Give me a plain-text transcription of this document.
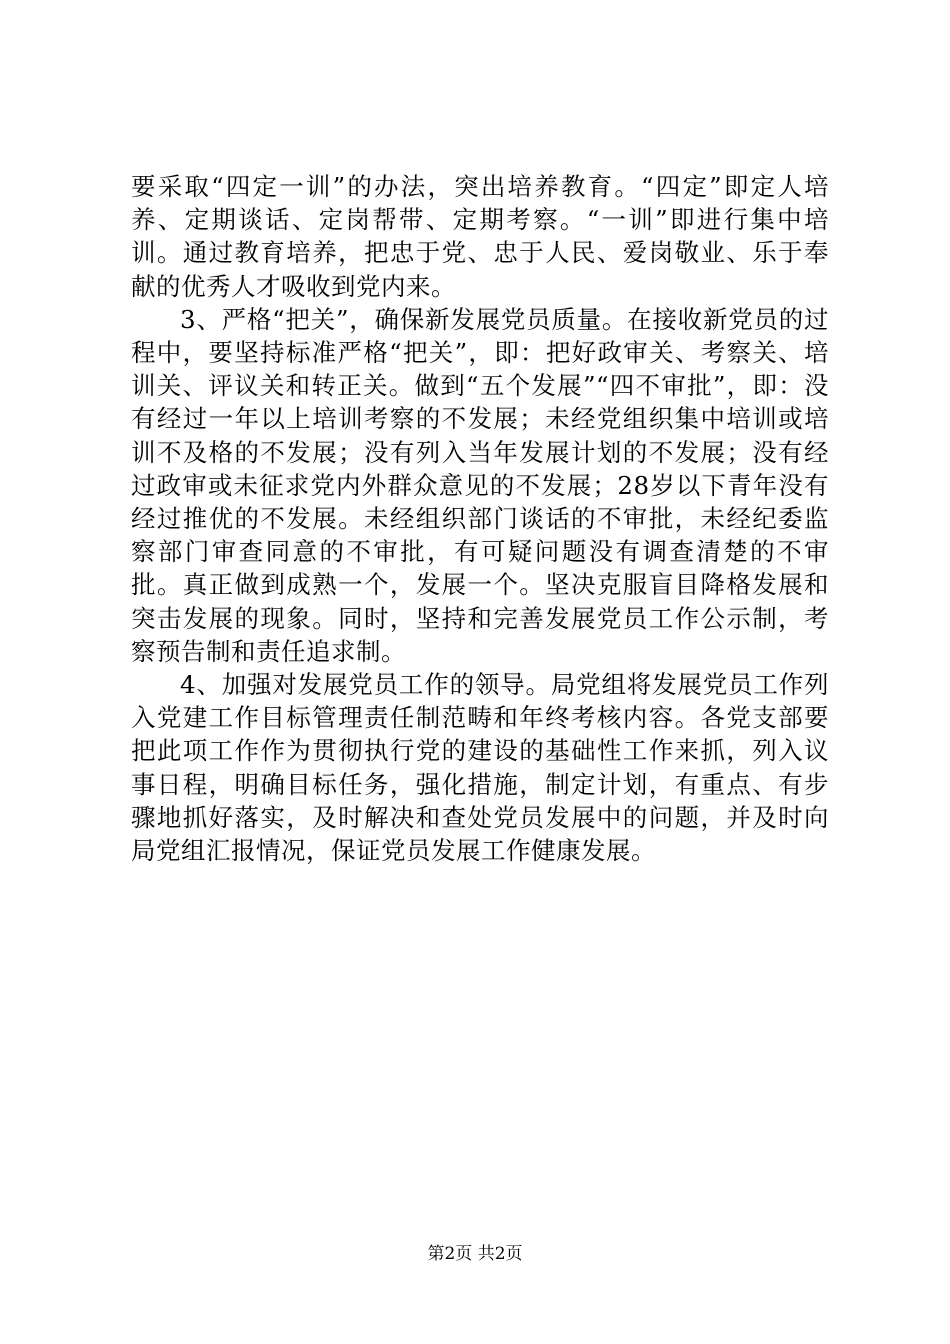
要采取“四定一训”的办法，突出培养教育。“四定”即定人培养、定期谈话、定岗帮带、定期考察。“一训”即进行集中培训。通过教育培养，把忠于党、忠于人民、爱岗敬业、乐于奉献的优秀人才吸收到党内来。

3、严格“把关”，确保新发展党员质量。在接收新党员的过程中，要坚持标准严格“把关”，即：把好政审关、考察关、培训关、评议关和转正关。做到“五个发展”“四不审批”，即：没有经过一年以上培训考察的不发展；未经党组织集中培训或培训不及格的不发展；没有列入当年发展计划的不发展；没有经过政审或未征求党内外群众意见的不发展；28岁以下青年没有经过推优的不发展。未经组织部门谈话的不审批，未经纪委监察部门审查同意的不审批，有可疑问题没有调查清楚的不审批。真正做到成熟一个，发展一个。坚决克服盲目降格发展和突击发展的现象。同时，坚持和完善发展党员工作公示制，考察预告制和责任追求制。

4、加强对发展党员工作的领导。局党组将发展党员工作列入党建工作目标管理责任制范畴和年终考核内容。各党支部要把此项工作作为贯彻执行党的建设的基础性工作来抓，列入议事日程，明确目标任务，强化措施，制定计划，有重点、有步骤地抓好落实，及时解决和查处党员发展中的问题，并及时向局党组汇报情况，保证党员发展工作健康发展。

第2页 共2页
